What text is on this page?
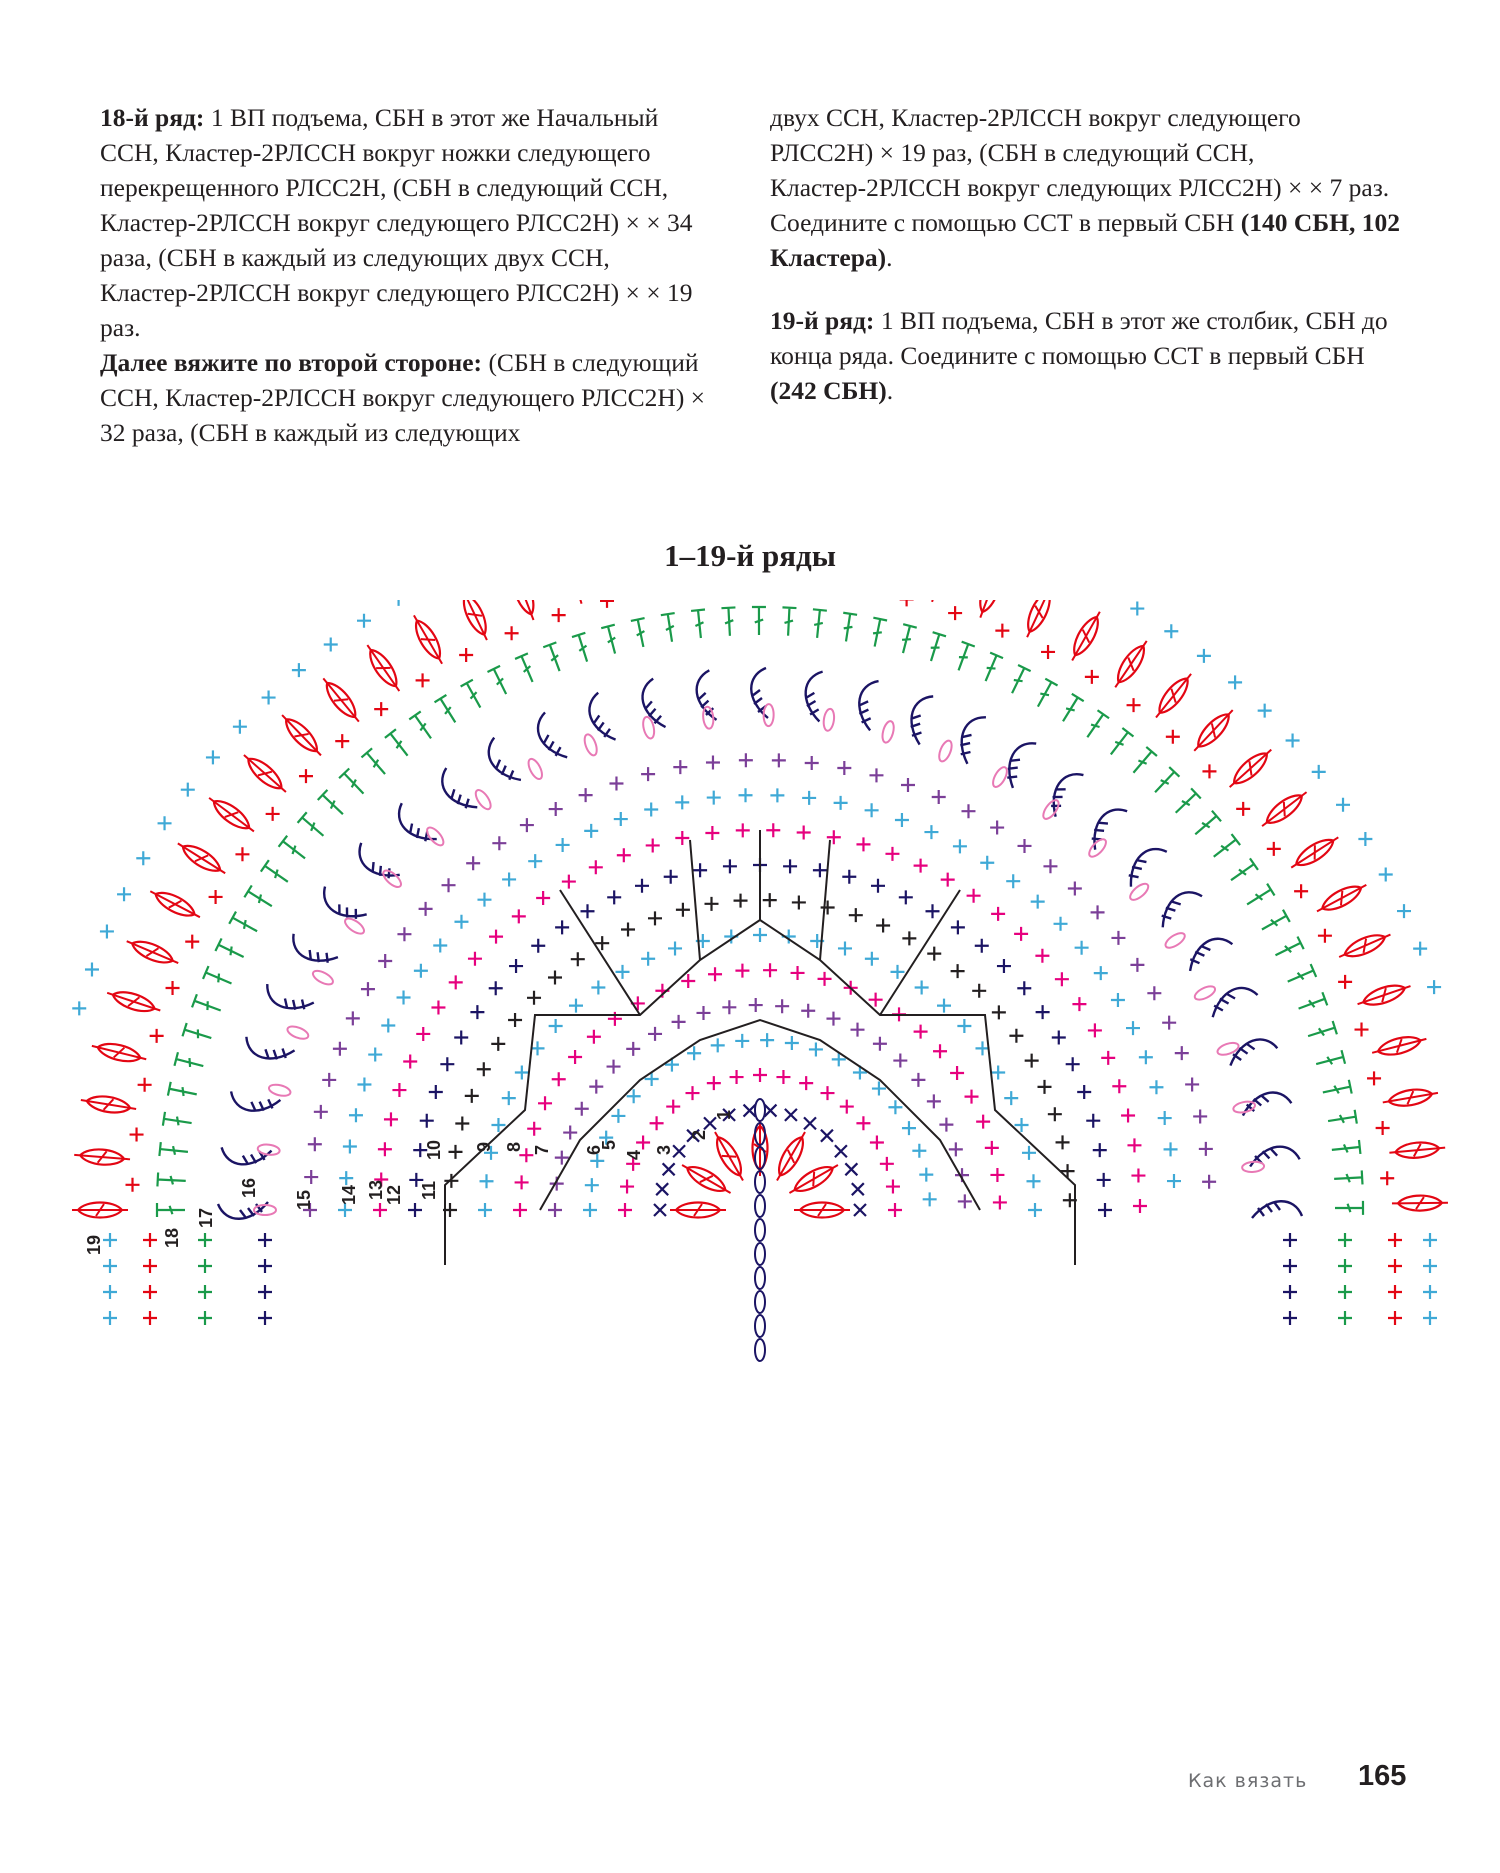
18-й ряд: 1 ВП подъема, СБН в этот же Начальный ССН, Кластер-2РЛССН вокруг ножки следующего перекрещенного РЛСС2Н, (СБН в следующий ССН, Кластер-2РЛССН вокруг следующего РЛСС2Н) × × 34 раза, (СБН в каждый из следующих двух ССН, Кластер-2РЛССН вокруг следующего РЛСС2Н) × × 19 раз.

Далее вяжите по второй стороне: (СБН в следующий ССН, Кластер-2РЛССН вокруг следующего РЛСС2Н) × 32 раза, (СБН в каждый из следующих

двух ССН, Кластер-2РЛССН вокруг следующего РЛСС2Н) × 19 раз, (СБН в следующий ССН, Кластер-2РЛССН вокруг следующих РЛСС2Н) × × 7 раз. Соедините с помощью ССТ в первый СБН (140 СБН, 102 Кластера).

19-й ряд: 1 ВП подъема, СБН в этот же столбик, СБН до конца ряда. Соедините с помощью ССТ в первый СБН (242 СБН).

1–19-й ряды
1
2
3
4
5
6
7
8
9
10
11
12
13
14
15
16
17
18
19
Как вязать 165
